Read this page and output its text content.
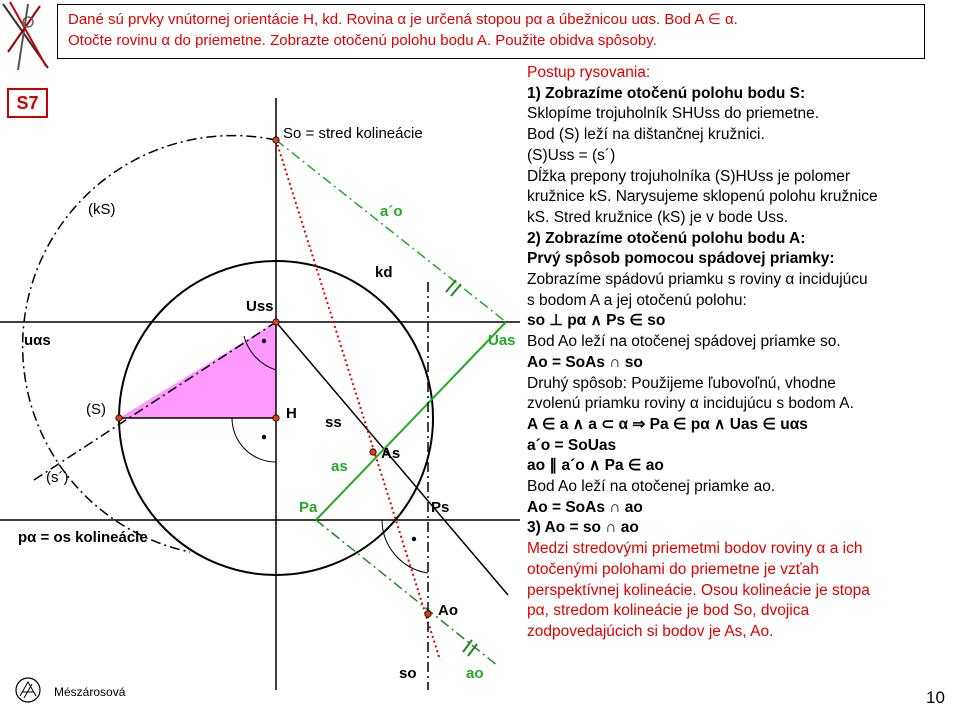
So = stred kolineácie
(kS)	a´o
kd
Uss
uαs	Uas
(S)	H
ss
As
as
(s´)
Pa	Ps
pα = os kolineácie
Ao
so	ao
Dané sú prvky vnútornej orientácie H, kd. Rovina α je určená stopou pα a úbežnicou uαs. Bod A ∈ α.
Otočte rovinu α do priemetne. Zobrazte otočenú polohu bodu A. Použite obidva spôsoby.
S7
Postup rysovania:
1) Zobrazíme otočenú polohu bodu S:
Sklopíme trojuholník SHUss do priemetne.
Bod (S) leží na dištančnej kružnici.
(S)Uss = (s´)
Dĺžka prepony trojuholníka (S)HUss je polomer
kružnice kS. Narysujeme sklopenú polohu kružnice
kS. Stred kružnice (kS) je v bode Uss.
2) Zobrazíme otočenú polohu bodu A:
Prvý spôsob pomocou spádovej priamky:
Zobrazíme spádovú priamku s roviny α incidujúcu
s bodom A a jej otočenú polohu:
so ⊥ pα ∧ Ps ∈ so
Bod Ao leží na otočenej spádovej priamke so.
Ao = SoAs ∩ so
Druhý spôsob: Použijeme ľubovoľnú, vhodne
zvolenú priamku roviny α incidujúcu s bodom A.
A ∈ a ∧ a ⊂ α ⇒ Pa ∈ pα ∧ Uas ∈ uαs
a´o = SoUas
ao ∥ a´o ∧ Pa ∈ ao
Bod Ao leží na otočenej priamke ao.
Ao = SoAs ∩ ao
3) Ao = so ∩ ao
Medzi stredovými priemetmi bodov roviny α a ich
otočenými polohami do priemetne je vzťah
perspektívnej kolineácie. Osou kolineácie je stopa
pα, stredom kolineácie je bod So, dvojica
zodpovedajúcich si bodov je As, Ao.
Mészárosová	10
